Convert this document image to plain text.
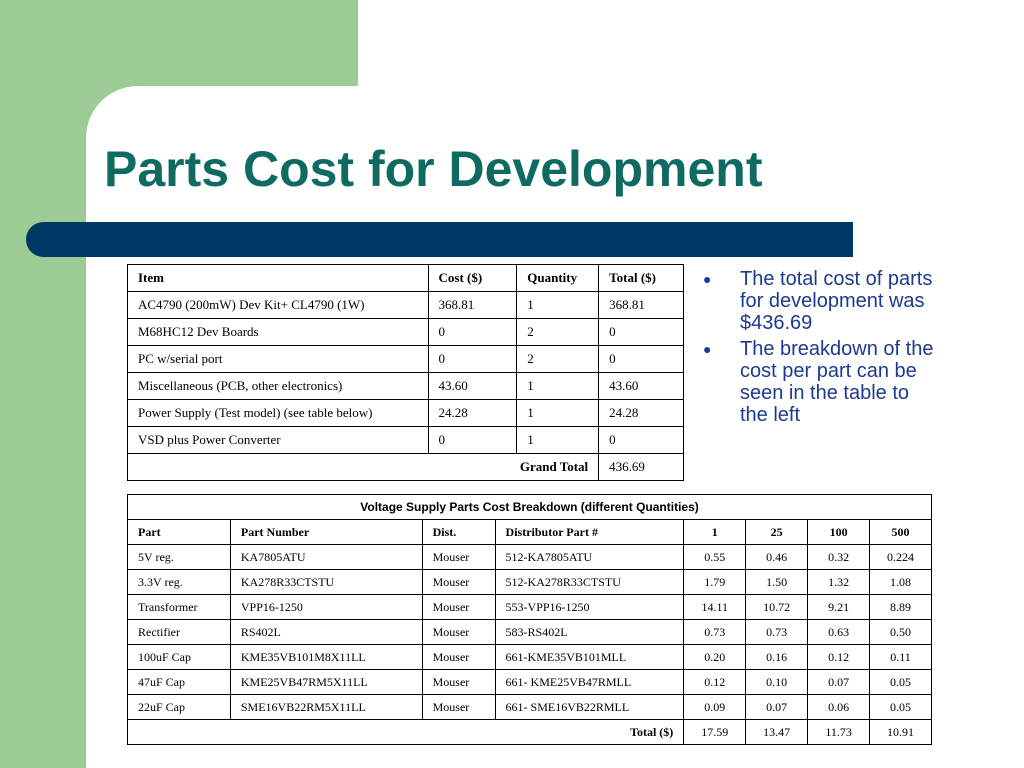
Parts Cost for Development
Item	Cost ($)	Quantity	Total ($)
AC4790 (200mW) Dev Kit+ CL4790 (1W)	368.81	1	368.81
M68HC12 Dev Boards	0	2	0
PC w/serial port	0	2	0
Miscellaneous (PCB, other electronics)	43.60	1	43.60
Power Supply (Test model) (see table below)	24.28	1	24.28
VSD plus Power Converter	0	1	0
Grand Total			436.69
Voltage Supply Parts Cost Breakdown (different Quantities)							
Part	Part Number	Dist.	Distributor Part #	1	25	100	500
5V reg.	KA7805ATU	Mouser	512-KA7805ATU	0.55	0.46	0.32	0.224
3.3V reg.	KA278R33CTSTU	Mouser	512-KA278R33CTSTU	1.79	1.50	1.32	1.08
Transformer	VPP16-1250	Mouser	553-VPP16-1250	14.11	10.72	9.21	8.89
Rectifier	RS402L	Mouser	583-RS402L	0.73	0.73	0.63	0.50
100uF Cap	KME35VB101M8X11LL	Mouser	661-KME35VB101MLL	0.20	0.16	0.12	0.11
47uF Cap	KME25VB47RM5X11LL	Mouser	661- KME25VB47RMLL	0.12	0.10	0.07	0.05
22uF Cap	SME16VB22RM5X11LL	Mouser	661- SME16VB22RMLL	0.09	0.07	0.06	0.05
Total ($)				17.59	13.47	11.73	10.91
● The total cost of parts for development was $436.69
● The breakdown of the cost per part can be seen in the table to the left
